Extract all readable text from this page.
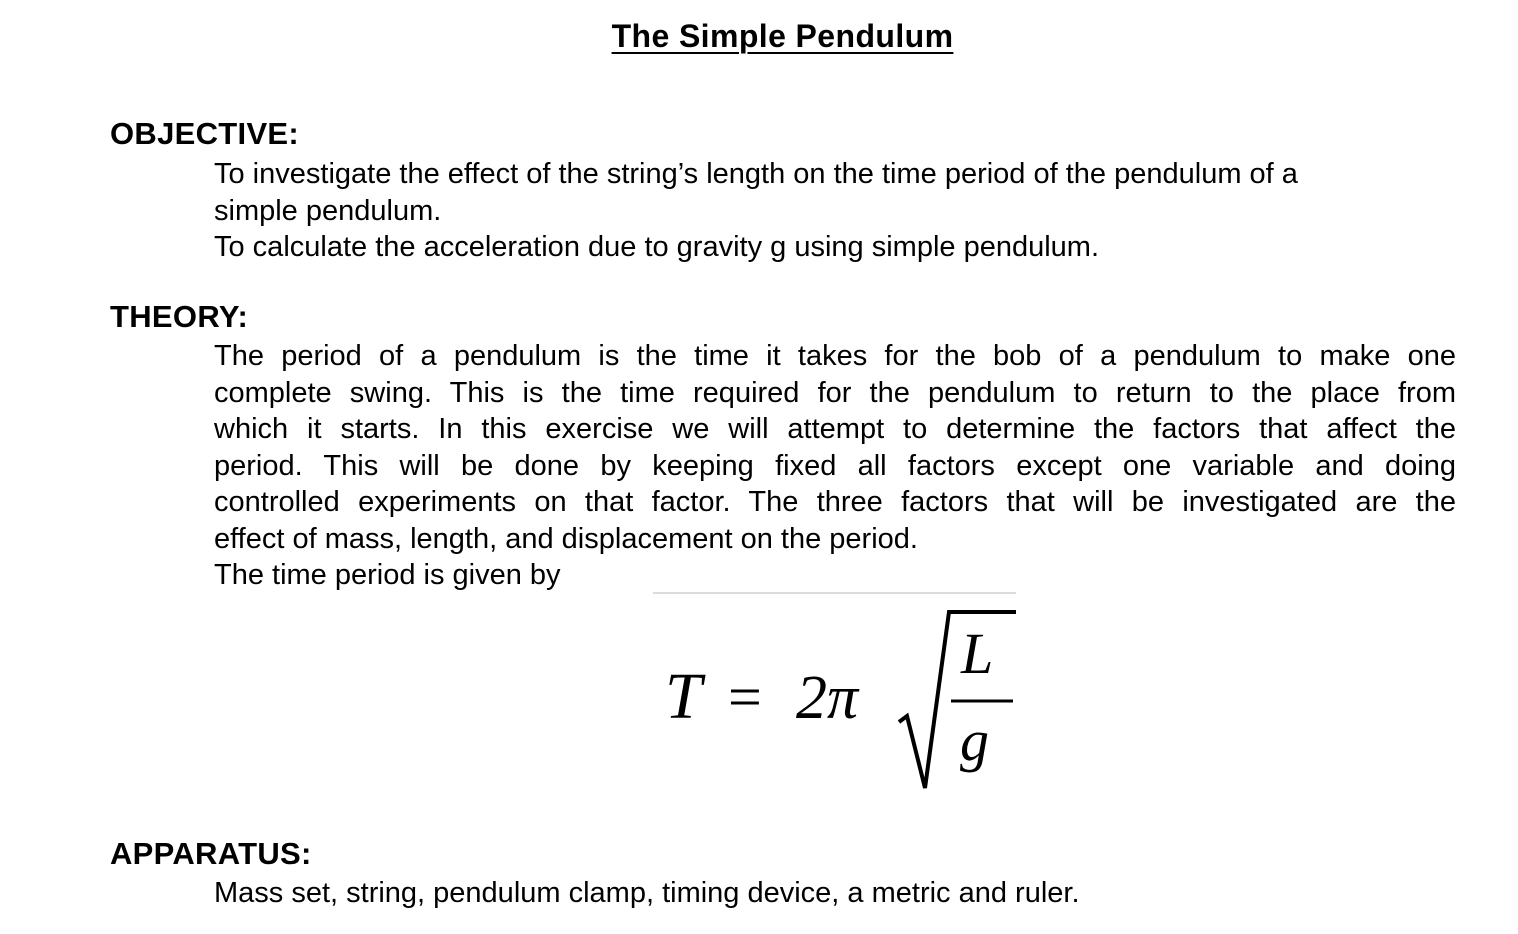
The Simple Pendulum
OBJECTIVE:
To investigate the effect of the string’s length on the time period of the pendulum of a
simple pendulum.
To calculate the acceleration due to gravity g using simple pendulum.
THEORY:
The period of a pendulum is the time it takes for the bob of a pendulum to make one
complete swing. This is the time required for the pendulum to return to the place from
which it starts. In this exercise we will attempt to determine the factors that affect the
period. This will be done by keeping fixed all factors except one variable and doing
controlled experiments on that factor. The three factors that will be investigated are the
effect of mass, length, and displacement on the period.
The time period is given by
T = 2π
L
g
APPARATUS:
Mass set, string, pendulum clamp, timing device, a metric and ruler.
